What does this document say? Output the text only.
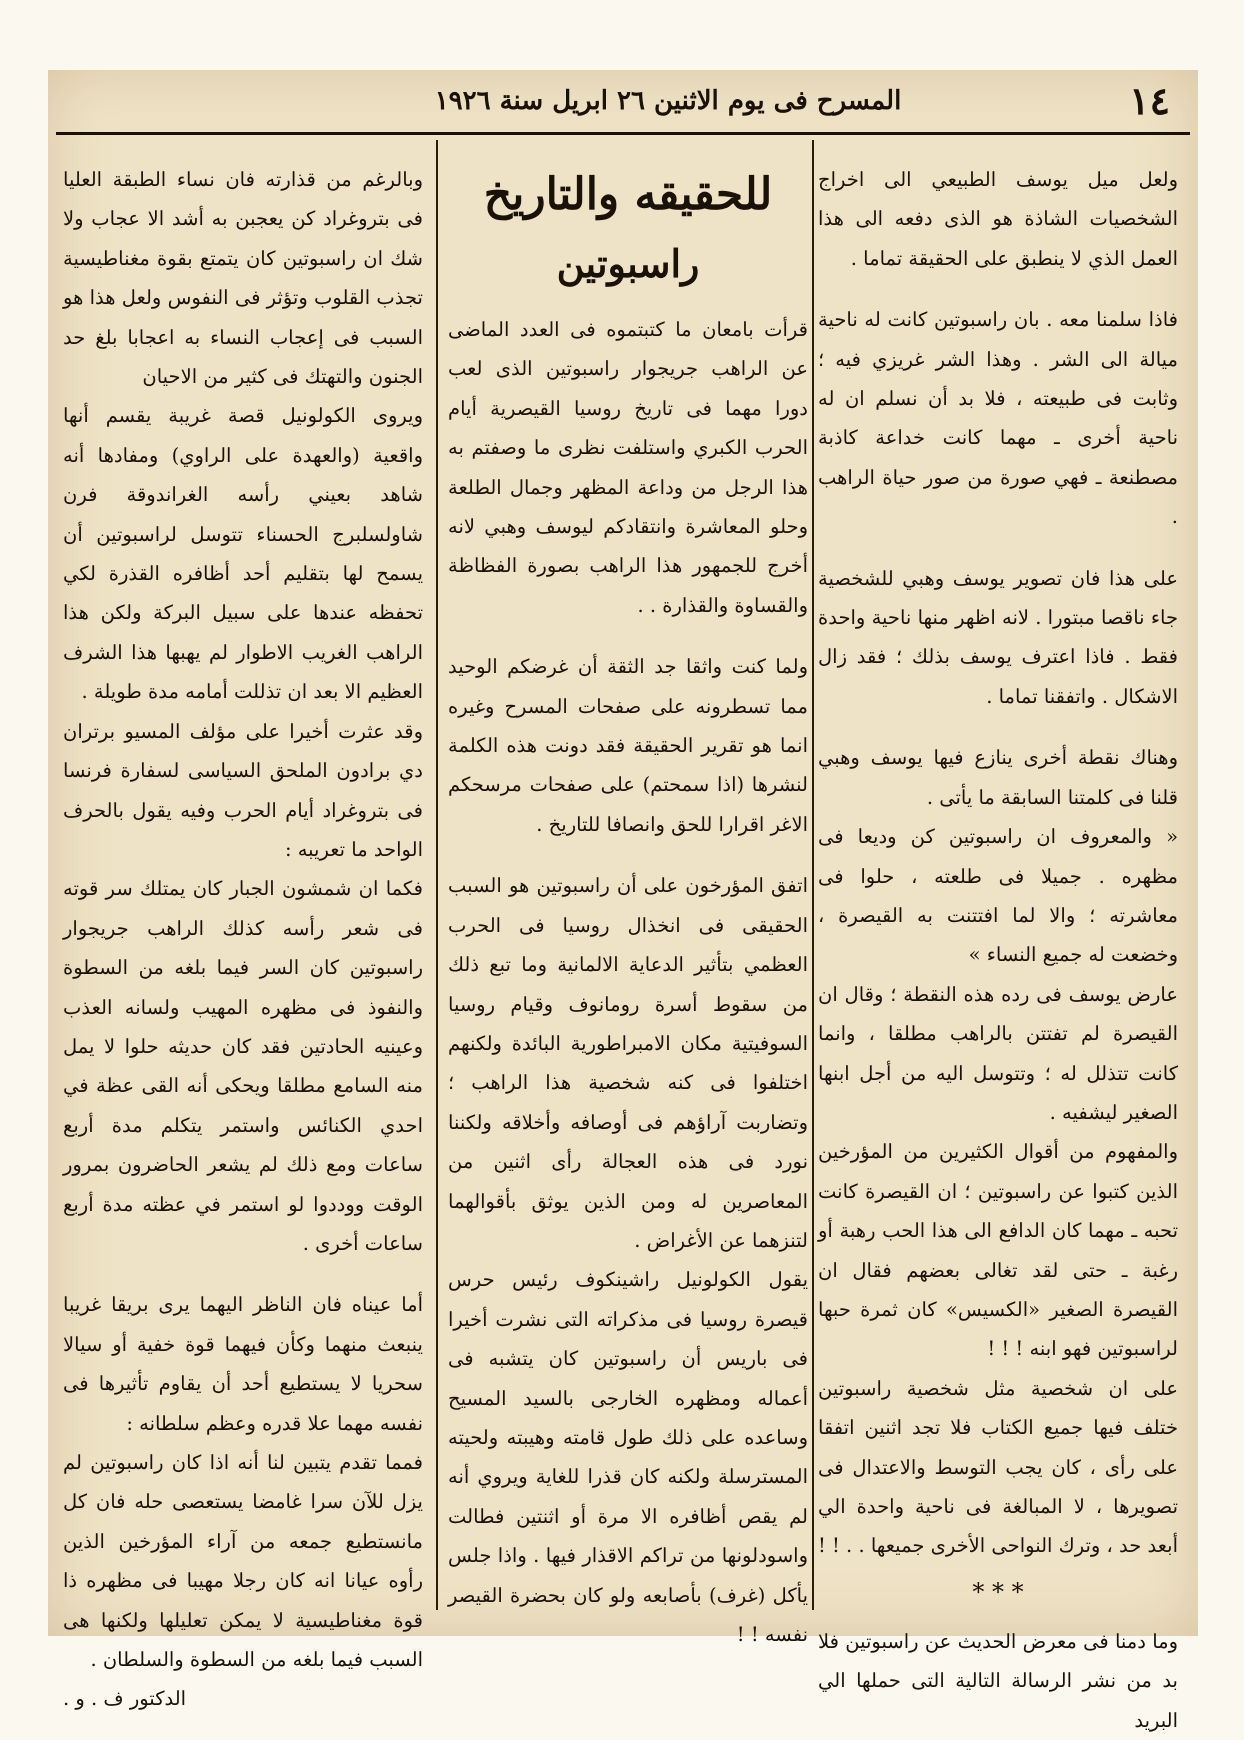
١٤
المسرح فى يوم الاثنين ٢٦ ابريل سنة ١٩٢٦

ولعل ميل يوسف الطبيعي الى اخراج الشخصيات الشاذة هو الذى دفعه الى هذا العمل الذي لا ينطبق على الحقيقة تماما .

فاذا سلمنا معه . بان راسبوتين كانت له ناحية ميالة الى الشر . وهذا الشر غريزي فيه ؛ وثابت فى طبيعته ، فلا بد أن نسلم ان له ناحية أخرى ـ مهما كانت خداعة كاذبة مصطنعة ـ فهي صورة من صور حياة الراهب .

على هذا فان تصوير يوسف وهبي للشخصية جاء ناقصا مبتورا . لانه اظهر منها ناحية واحدة فقط . فاذا اعترف يوسف بذلك ؛ فقد زال الاشكال . واتفقنا تماما .

وهناك نقطة أخرى ينازع فيها يوسف وهبي قلنا فى كلمتنا السابقة ما يأتى .

« والمعروف ان راسبوتين كن وديعا فى مظهره . جميلا فى طلعته ، حلوا فى معاشرته ؛ والا لما افتتنت به القيصرة ، وخضعت له جميع النساء »

عارض يوسف فى رده هذه النقطة ؛ وقال ان القيصرة لم تفتتن بالراهب مطلقا ، وانما كانت تتذلل له ؛ وتتوسل اليه من أجل ابنها الصغير ليشفيه .

والمفهوم من أقوال الكثيرين من المؤرخين الذين كتبوا عن راسبوتين ؛ ان القيصرة كانت تحبه ـ مهما كان الدافع الى هذا الحب رهبة أو رغبة ـ حتى لقد تغالى بعضهم فقال ان القيصرة الصغير «الكسيس» كان ثمرة حبها لراسبوتين فهو ابنه ! ! !

على ان شخصية مثل شخصية راسبوتين ختلف فيها جميع الكتاب فلا تجد اثنين اتفقا على رأى ، كان يجب التوسط والاعتدال فى تصويرها ، لا المبالغة فى ناحية واحدة الي أبعد حد ، وترك النواحى الأخرى جميعها . . ! !

* * *

وما دمنا فى معرض الحديث عن راسبوتين فلا بد من نشر الرسالة التالية التى حملها الي البريد

للحقيقه والتاريخ
راسبوتين

قرأت بامعان ما كتبتموه فى العدد الماضى عن الراهب جريجوار راسبوتين الذى لعب دورا مهما فى تاريخ روسيا القيصرية أيام الحرب الكبري واستلفت نظرى ما وصفتم به هذا الرجل من وداعة المظهر وجمال الطلعة وحلو المعاشرة وانتقادكم ليوسف وهبي لانه أخرج للجمهور هذا الراهب بصورة الفظاظة والقساوة والقذارة . .

ولما كنت واثقا جد الثقة أن غرضكم الوحيد مما تسطرونه على صفحات المسرح وغيره انما هو تقرير الحقيقة فقد دونت هذه الكلمة لنشرها (اذا سمحتم) على صفحات مرسحكم الاغر اقرارا للحق وانصافا للتاريخ .

اتفق المؤرخون على أن راسبوتين هو السبب الحقيقى فى انخذال روسيا فى الحرب العظمي بتأثير الدعاية الالمانية وما تبع ذلك من سقوط أسرة رومانوف وقيام روسيا السوفيتية مكان الامبراطورية البائدة ولكنهم اختلفوا فى كنه شخصية هذا الراهب ؛ وتضاربت آراؤهم فى أوصافه وأخلاقه ولكننا نورد فى هذه العجالة رأى اثنين من المعاصرين له ومن الذين يوثق بأقوالهما لتنزهما عن الأغراض .

يقول الكولونيل راشينكوف رئيس حرس قيصرة روسيا فى مذكراته التى نشرت أخيرا فى باريس أن راسبوتين كان يتشبه فى أعماله ومظهره الخارجى بالسيد المسيح وساعده على ذلك طول قامته وهيبته ولحيته المسترسلة ولكنه كان قذرا للغاية ويروي أنه لم يقص أظافره الا مرة أو اثنتين فطالت واسودلونها من تراكم الاقذار فيها . واذا جلس يأكل (غرف) بأصابعه ولو كان بحضرة القيصر نفسه ! !

وبالرغم من قذارته فان نساء الطبقة العليا فى بتروغراد كن يعجبن به أشد الا عجاب ولا شك ان راسبوتين كان يتمتع بقوة مغناطيسية تجذب القلوب وتؤثر فى النفوس ولعل هذا هو السبب فى إعجاب النساء به اعجابا بلغ حد الجنون والتهتك فى كثير من الاحيان

ويروى الكولونيل قصة غريبة يقسم أنها واقعية (والعهدة على الراوي) ومفادها أنه شاهد بعيني رأسه الغراندوقة فرن شاولسلبرج الحسناء تتوسل لراسبوتين أن يسمح لها بتقليم أحد أظافره القذرة لكي تحفظه عندها على سبيل البركة ولكن هذا الراهب الغريب الاطوار لم يهبها هذا الشرف العظيم الا بعد ان تذللت أمامه مدة طويلة .

وقد عثرت أخيرا على مؤلف المسيو برتران دي برادون الملحق السياسى لسفارة فرنسا فى بتروغراد أيام الحرب وفيه يقول بالحرف الواحد ما تعريبه :

فكما ان شمشون الجبار كان يمتلك سر قوته فى شعر رأسه كذلك الراهب جريجوار راسبوتين كان السر فيما بلغه من السطوة والنفوذ فى مظهره المهيب ولسانه العذب وعينيه الحادتين فقد كان حديثه حلوا لا يمل منه السامع مطلقا ويحكى أنه القى عظة في احدي الكنائس واستمر يتكلم مدة أربع ساعات ومع ذلك لم يشعر الحاضرون بمرور الوقت ووددوا لو استمر في عظته مدة أربع ساعات أخرى .

أما عيناه فان الناظر اليهما يرى بريقا غريبا ينبعث منهما وكأن فيهما قوة خفية أو سيالا سحريا لا يستطيع أحد أن يقاوم تأثيرها فى نفسه مهما علا قدره وعظم سلطانه :

فمما تقدم يتبين لنا أنه اذا كان راسبوتين لم يزل للآن سرا غامضا يستعصى حله فان كل مانستطيع جمعه من آراء المؤرخين الذين رأوه عيانا انه كان رجلا مهيبا فى مظهره ذا قوة مغناطيسية لا يمكن تعليلها ولكنها هى السبب فيما بلغه من السطوة والسلطان .

الدكتور ف . و .
